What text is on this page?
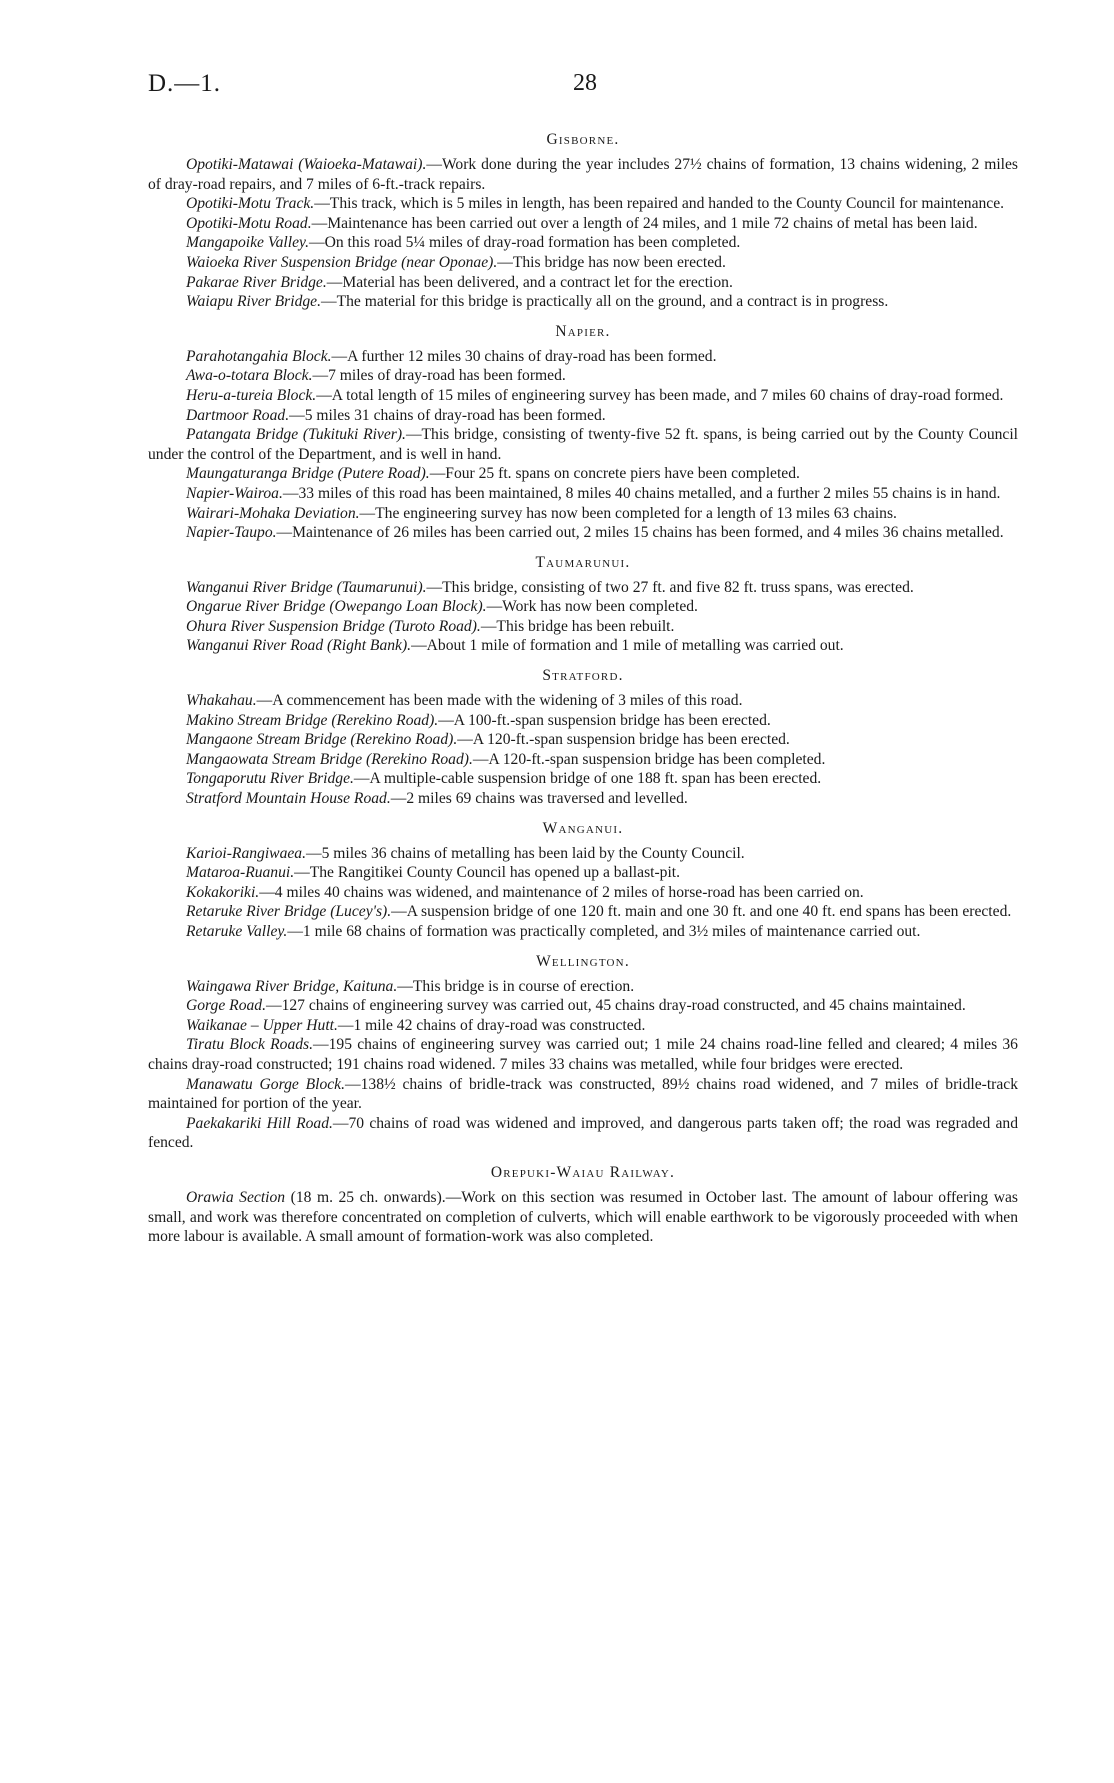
D.—1.	28
Gisborne.

Opotiki-Matawai (Waioeka-Matawai).—Work done during the year includes 27½ chains of formation, 13 chains widening, 2 miles of dray-road repairs, and 7 miles of 6-ft.-track repairs.

Opotiki-Motu Track.—This track, which is 5 miles in length, has been repaired and handed to the County Council for maintenance.

Opotiki-Motu Road.—Maintenance has been carried out over a length of 24 miles, and 1 mile 72 chains of metal has been laid.

Mangapoike Valley.—On this road 5¼ miles of dray-road formation has been completed.

Waioeka River Suspension Bridge (near Oponae).—This bridge has now been erected.

Pakarae River Bridge.—Material has been delivered, and a contract let for the erection.

Waiapu River Bridge.—The material for this bridge is practically all on the ground, and a contract is in progress.

Napier.

Parahotangahia Block.—A further 12 miles 30 chains of dray-road has been formed.

Awa-o-totara Block.—7 miles of dray-road has been formed.

Heru-a-tureia Block.—A total length of 15 miles of engineering survey has been made, and 7 miles 60 chains of dray-road formed.

Dartmoor Road.—5 miles 31 chains of dray-road has been formed.

Patangata Bridge (Tukituki River).—This bridge, consisting of twenty-five 52 ft. spans, is being carried out by the County Council under the control of the Department, and is well in hand.

Maungaturanga Bridge (Putere Road).—Four 25 ft. spans on concrete piers have been completed.

Napier-Wairoa.—33 miles of this road has been maintained, 8 miles 40 chains metalled, and a further 2 miles 55 chains is in hand.

Wairari-Mohaka Deviation.—The engineering survey has now been completed for a length of 13 miles 63 chains.

Napier-Taupo.—Maintenance of 26 miles has been carried out, 2 miles 15 chains has been formed, and 4 miles 36 chains metalled.

Taumarunui.

Wanganui River Bridge (Taumarunui).—This bridge, consisting of two 27 ft. and five 82 ft. truss spans, was erected.

Ongarue River Bridge (Owepango Loan Block).—Work has now been completed.

Ohura River Suspension Bridge (Turoto Road).—This bridge has been rebuilt.

Wanganui River Road (Right Bank).—About 1 mile of formation and 1 mile of metalling was carried out.

Stratford.

Whakahau.—A commencement has been made with the widening of 3 miles of this road.

Makino Stream Bridge (Rerekino Road).—A 100-ft.-span suspension bridge has been erected.

Mangaone Stream Bridge (Rerekino Road).—A 120-ft.-span suspension bridge has been erected.

Mangaowata Stream Bridge (Rerekino Road).—A 120-ft.-span suspension bridge has been completed.

Tongaporutu River Bridge.—A multiple-cable suspension bridge of one 188 ft. span has been erected.

Stratford Mountain House Road.—2 miles 69 chains was traversed and levelled.

Wanganui.

Karioi-Rangiwaea.—5 miles 36 chains of metalling has been laid by the County Council.

Mataroa-Ruanui.—The Rangitikei County Council has opened up a ballast-pit.

Kokakoriki.—4 miles 40 chains was widened, and maintenance of 2 miles of horse-road has been carried on.

Retaruke River Bridge (Lucey's).—A suspension bridge of one 120 ft. main and one 30 ft. and one 40 ft. end spans has been erected.

Retaruke Valley.—1 mile 68 chains of formation was practically completed, and 3½ miles of maintenance carried out.

Wellington.

Waingawa River Bridge, Kaituna.—This bridge is in course of erection.

Gorge Road.—127 chains of engineering survey was carried out, 45 chains dray-road constructed, and 45 chains maintained.

Waikanae – Upper Hutt.—1 mile 42 chains of dray-road was constructed.

Tiratu Block Roads.—195 chains of engineering survey was carried out; 1 mile 24 chains road-line felled and cleared; 4 miles 36 chains dray-road constructed; 191 chains road widened. 7 miles 33 chains was metalled, while four bridges were erected.

Manawatu Gorge Block.—138½ chains of bridle-track was constructed, 89½ chains road widened, and 7 miles of bridle-track maintained for portion of the year.

Paekakariki Hill Road.—70 chains of road was widened and improved, and dangerous parts taken off; the road was regraded and fenced.

Orepuki-Waiau Railway.

Orawia Section (18 m. 25 ch. onwards).—Work on this section was resumed in October last. The amount of labour offering was small, and work was therefore concentrated on completion of culverts, which will enable earthwork to be vigorously proceeded with when more labour is available. A small amount of formation-work was also completed.
